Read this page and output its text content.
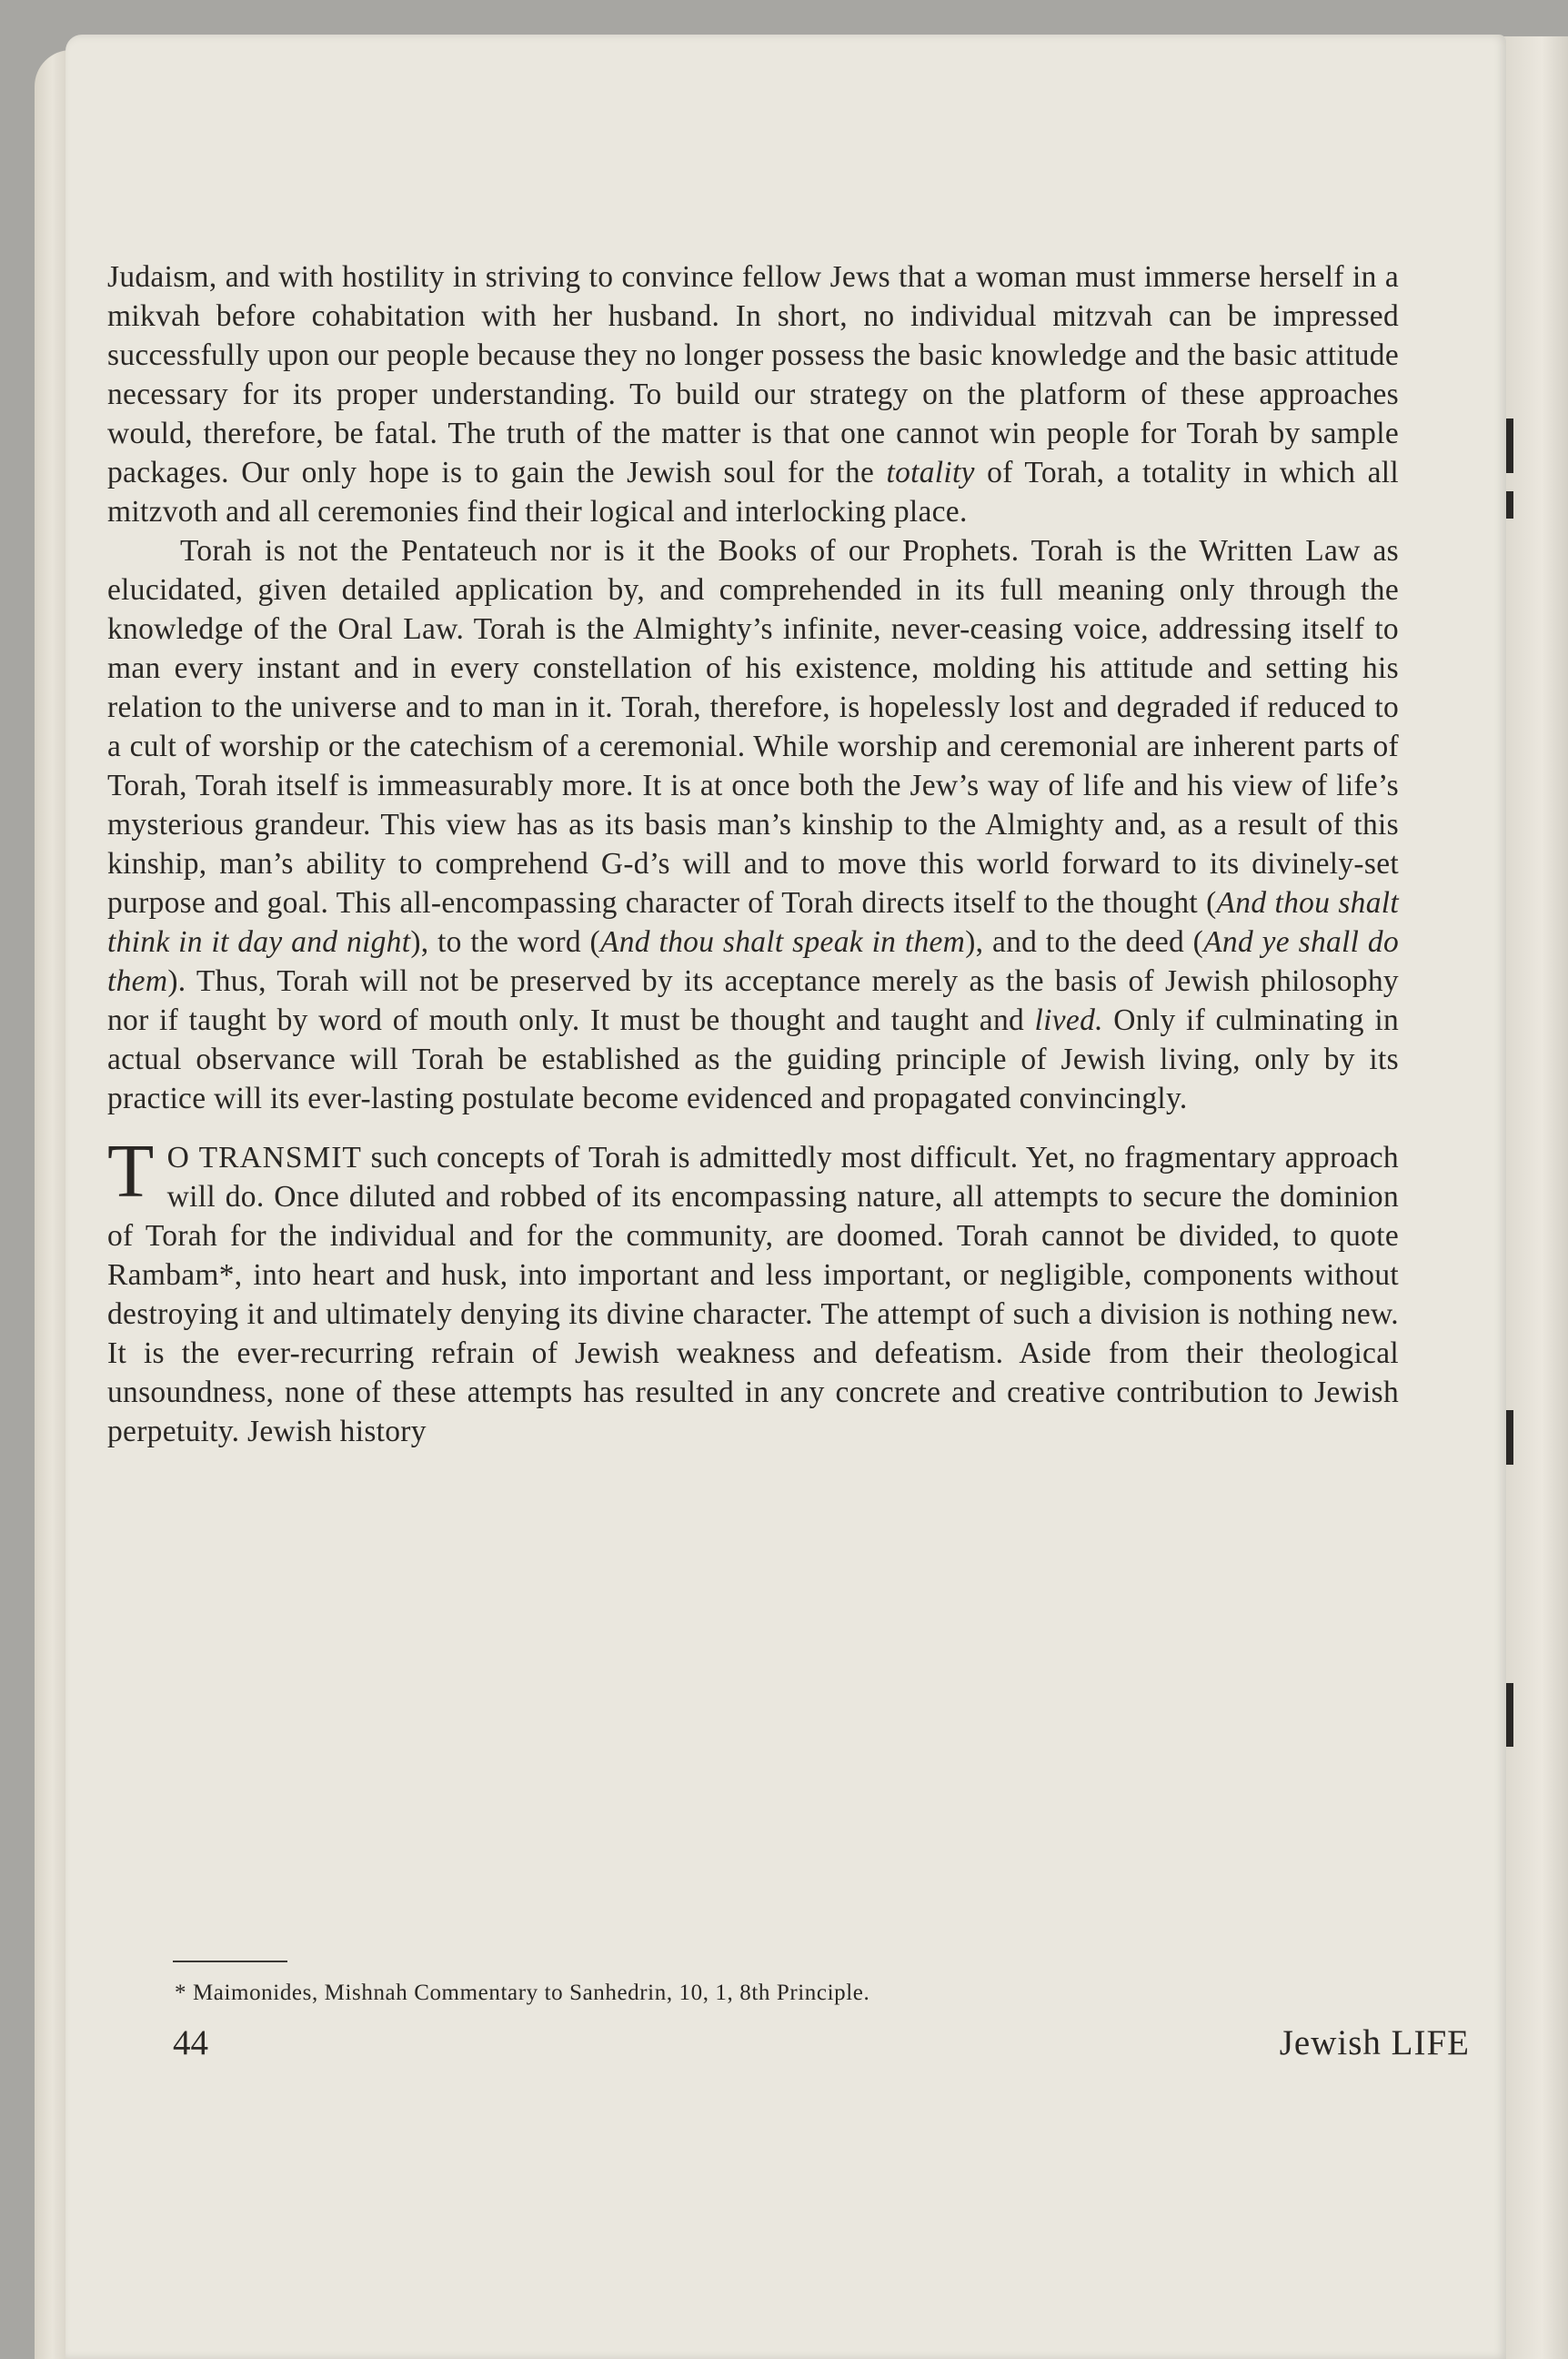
Judaism, and with hostility in striving to convince fellow Jews that a woman must immerse herself in a mikvah before cohabitation with her husband. In short, no individual mitzvah can be impressed successfully upon our people because they no longer possess the basic knowledge and the basic attitude necessary for its proper understanding. To build our strategy on the platform of these approaches would, therefore, be fatal. The truth of the matter is that one cannot win people for Torah by sample packages. Our only hope is to gain the Jewish soul for the totality of Torah, a totality in which all mitzvoth and all ceremonies find their logical and interlocking place.

Torah is not the Pentateuch nor is it the Books of our Prophets. Torah is the Written Law as elucidated, given detailed application by, and comprehended in its full meaning only through the knowledge of the Oral Law. Torah is the Almighty’s infinite, never-ceasing voice, addressing itself to man every instant and in every constellation of his existence, molding his attitude and setting his relation to the universe and to man in it. Torah, therefore, is hopelessly lost and degraded if reduced to a cult of worship or the catechism of a ceremonial. While worship and ceremonial are inherent parts of Torah, Torah itself is immeasurably more. It is at once both the Jew’s way of life and his view of life’s mysterious grandeur. This view has as its basis man’s kinship to the Almighty and, as a result of this kinship, man’s ability to comprehend G-d’s will and to move this world forward to its divinely-set purpose and goal. This all-encompassing character of Torah directs itself to the thought (And thou shalt think in it day and night), to the word (And thou shalt speak in them), and to the deed (And ye shall do them). Thus, Torah will not be preserved by its acceptance merely as the basis of Jewish philosophy nor if taught by word of mouth only. It must be thought and taught and lived. Only if culminating in actual observance will Torah be established as the guiding principle of Jewish living, only by its practice will its ever-lasting postulate become evidenced and propagated convincingly.

T O TRANSMIT such concepts of Torah is admittedly most difficult. Yet, no fragmentary approach will do. Once diluted and robbed of its encompassing nature, all attempts to secure the dominion of Torah for the individual and for the community, are doomed. Torah cannot be divided, to quote Rambam*, into heart and husk, into important and less important, or negligible, components without destroying it and ultimately denying its divine character. The attempt of such a division is nothing new. It is the ever-recurring refrain of Jewish weakness and defeatism. Aside from their theological unsoundness, none of these attempts has resulted in any concrete and creative contribution to Jewish perpetuity. Jewish history

* Maimonides, Mishnah Commentary to Sanhedrin, 10, 1, 8th Principle.
44	Jewish LIFE
